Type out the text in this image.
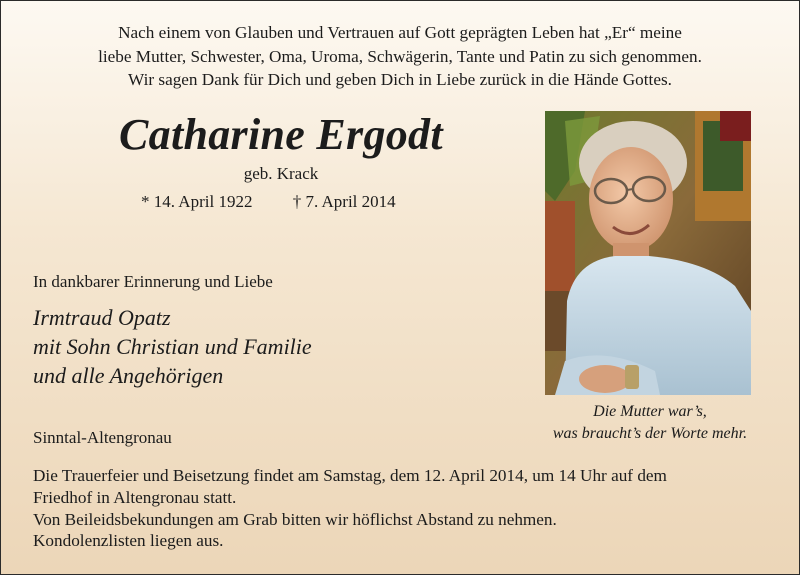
Nach einem von Glauben und Vertrauen auf Gott geprägten Leben hat „Er“ meine
liebe Mutter, Schwester, Oma, Uroma, Schwägerin, Tante und Patin zu sich genommen.
Wir sagen Dank für Dich und geben Dich in Liebe zurück in die Hände Gottes.
Catharine Ergodt
geb. Krack
* 14. April 1922 † 7. April 2014
In dankbarer Erinnerung und Liebe
Irmtraud Opatz
mit Sohn Christian und Familie
und alle Angehörigen
Sinntal-Altengronau
Die Mutter war’s,
was braucht’s der Worte mehr.
Die Trauerfeier und Beisetzung findet am Samstag, dem 12. April 2014, um 14 Uhr auf dem
Friedhof in Altengronau statt.
Von Beileidsbekundungen am Grab bitten wir höflichst Abstand zu nehmen.
Kondolenzlisten liegen aus.
